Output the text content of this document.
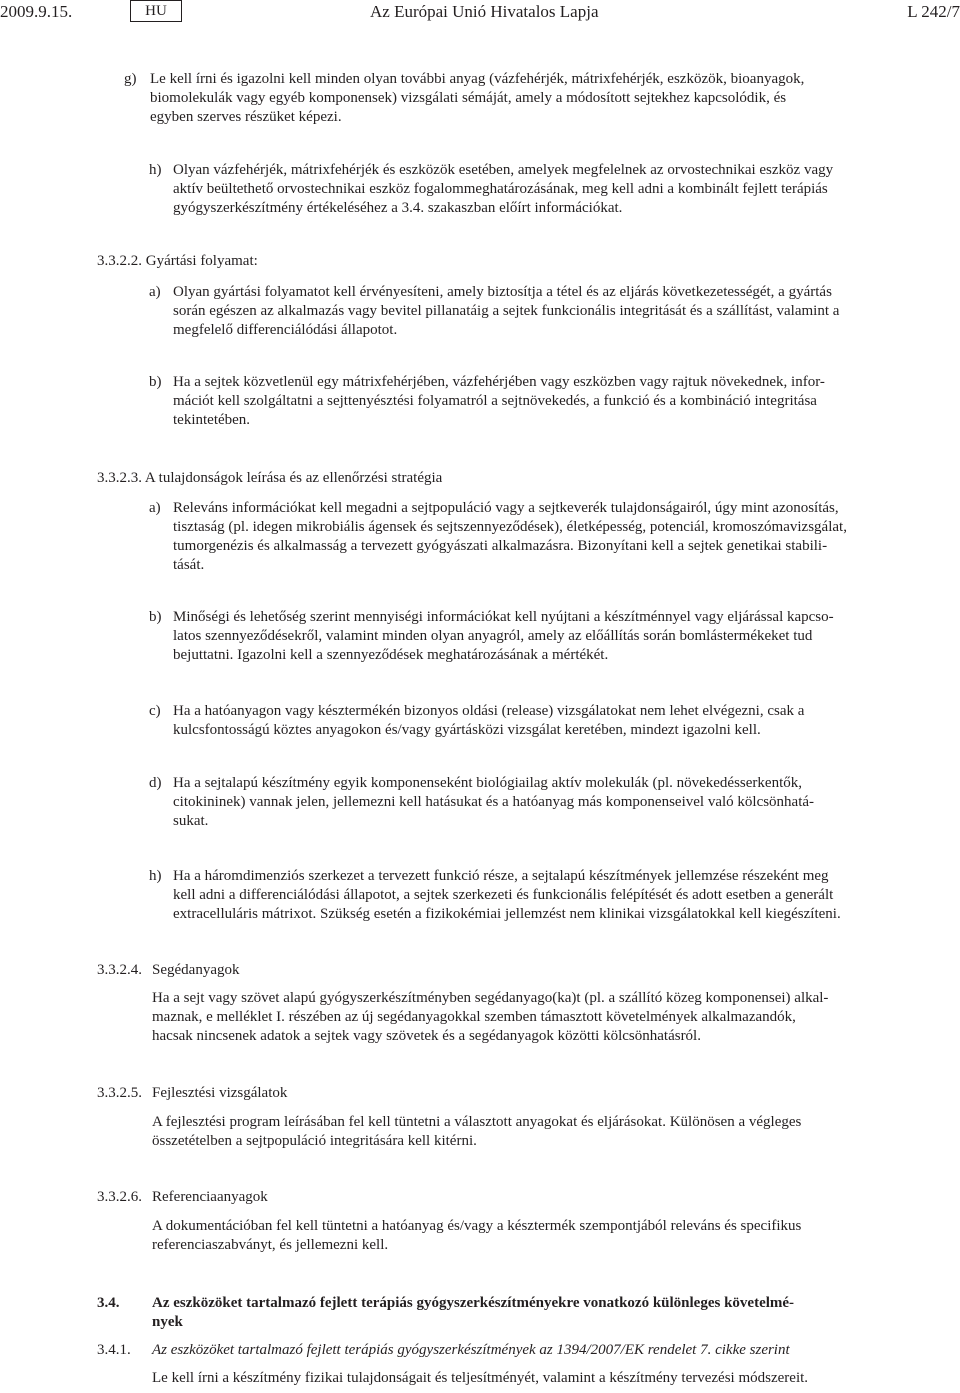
2009.9.15.	HU	Az Európai Unió Hivatalos Lapja	L 242/7
g) Le kell írni és igazolni kell minden olyan további anyag (vázfehérjék, mátrixfehérjék, eszközök, bioanyagok,
biomolekulák vagy egyéb komponensek) vizsgálati sémáját, amely a módosított sejtekhez kapcsolódik, és
egyben szerves részüket képezi.
h) Olyan vázfehérjék, mátrixfehérjék és eszközök esetében, amelyek megfelelnek az orvostechnikai eszköz vagy
aktív beültethető orvostechnikai eszköz fogalommeghatározásának, meg kell adni a kombinált fejlett terápiás
gyógyszerkészítmény értékeléséhez a 3.4. szakaszban előírt információkat.
3.3.2.2. Gyártási folyamat:
a) Olyan gyártási folyamatot kell érvényesíteni, amely biztosítja a tétel és az eljárás következetességét, a gyártás
során egészen az alkalmazás vagy bevitel pillanatáig a sejtek funkcionális integritását és a szállítást, valamint a
megfelelő differenciálódási állapotot.
b) Ha a sejtek közvetlenül egy mátrixfehérjében, vázfehérjében vagy eszközben vagy rajtuk növekednek, infor-
mációt kell szolgáltatni a sejttenyésztési folyamatról a sejtnövekedés, a funkció és a kombináció integritása
tekintetében.
3.3.2.3. A tulajdonságok leírása és az ellenőrzési stratégia
a) Releváns információkat kell megadni a sejtpopuláció vagy a sejtkeverék tulajdonságairól, úgy mint azonosítás,
tisztaság (pl. idegen mikrobiális ágensek és sejtszennyeződések), életképesség, potenciál, kromoszómavizsgálat,
tumorgenézis és alkalmasság a tervezett gyógyászati alkalmazásra. Bizonyítani kell a sejtek genetikai stabili-
tását.
b) Minőségi és lehetőség szerint mennyiségi információkat kell nyújtani a készítménnyel vagy eljárással kapcso-
latos szennyeződésekről, valamint minden olyan anyagról, amely az előállítás során bomlástermékeket tud
bejuttatni. Igazolni kell a szennyeződések meghatározásának a mértékét.
c) Ha a hatóanyagon vagy késztermékén bizonyos oldási (release) vizsgálatokat nem lehet elvégezni, csak a
kulcsfontosságú köztes anyagokon és/vagy gyártásközi vizsgálat keretében, mindezt igazolni kell.
d) Ha a sejtalapú készítmény egyik komponenseként biológiailag aktív molekulák (pl. növekedésserkentők,
citokininek) vannak jelen, jellemezni kell hatásukat és a hatóanyag más komponenseivel való kölcsönhatá-
sukat.
h) Ha a háromdimenziós szerkezet a tervezett funkció része, a sejtalapú készítmények jellemzése részeként meg
kell adni a differenciálódási állapotot, a sejtek szerkezeti és funkcionális felépítését és adott esetben a generált
extracelluláris mátrixot. Szükség esetén a fizikokémiai jellemzést nem klinikai vizsgálatokkal kell kiegészíteni.
3.3.2.4. Segédanyagok
Ha a sejt vagy szövet alapú gyógyszerkészítményben segédanyago(ka)t (pl. a szállító közeg komponensei) alkal-
maznak, e melléklet I. részében az új segédanyagokkal szemben támasztott követelmények alkalmazandók,
hacsak nincsenek adatok a sejtek vagy szövetek és a segédanyagok közötti kölcsönhatásról.
3.3.2.5. Fejlesztési vizsgálatok
A fejlesztési program leírásában fel kell tüntetni a választott anyagokat és eljárásokat. Különösen a végleges
összetételben a sejtpopuláció integritására kell kitérni.
3.3.2.6. Referenciaanyagok
A dokumentációban fel kell tüntetni a hatóanyag és/vagy a késztermék szempontjából releváns és specifikus
referenciaszabványt, és jellemezni kell.
3.4. Az eszközöket tartalmazó fejlett terápiás gyógyszerkészítményekre vonatkozó különleges követelmé-
nyek
3.4.1. Az eszközöket tartalmazó fejlett terápiás gyógyszerkészítmények az 1394/2007/EK rendelet 7. cikke szerint
Le kell írni a készítmény fizikai tulajdonságait és teljesítményét, valamint a készítmény tervezési módszereit.
